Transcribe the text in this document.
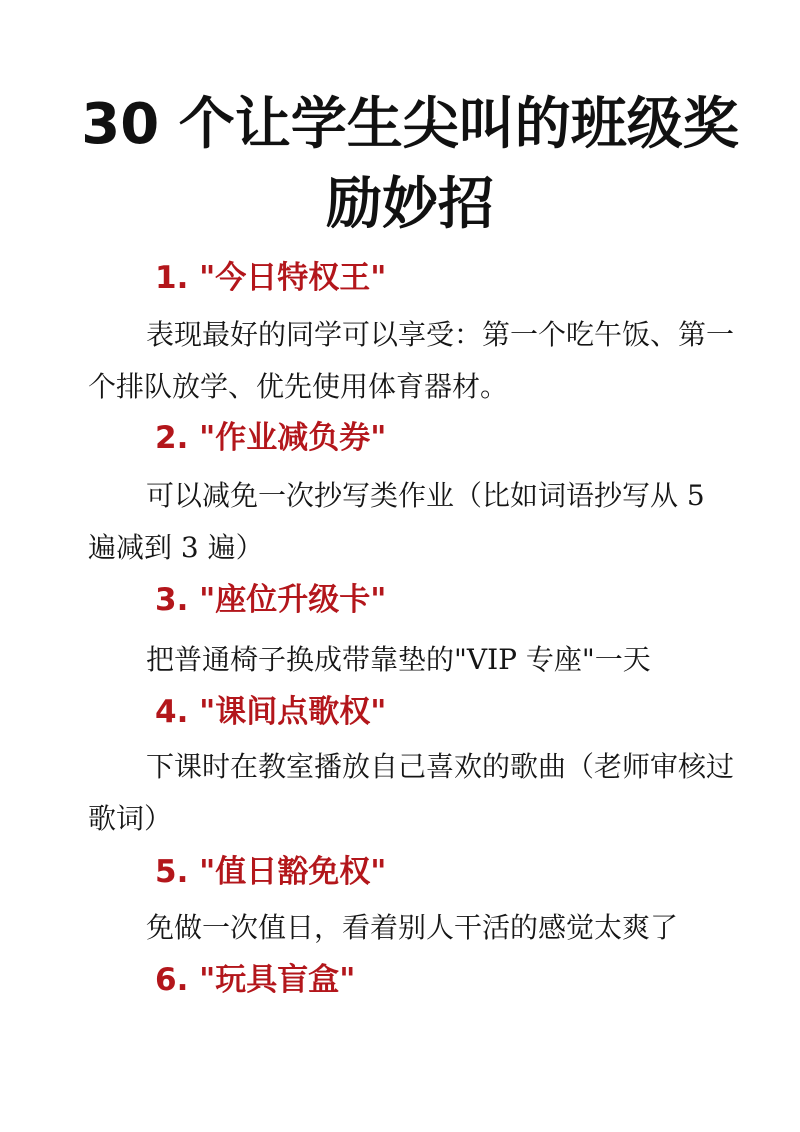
30 个让学生尖叫的班级奖励妙招
1. "今日特权王"
表现最好的同学可以享受：第一个吃午饭、第一个排队放学、优先使用体育器材。
2. "作业减负券"
可以减免一次抄写类作业（比如词语抄写从 5 遍减到 3 遍）
3. "座位升级卡"
把普通椅子换成带靠垫的"VIP 专座"一天
4. "课间点歌权"
下课时在教室播放自己喜欢的歌曲（老师审核过歌词）
5. "值日豁免权"
免做一次值日，看着别人干活的感觉太爽了
6. "玩具盲盒"
